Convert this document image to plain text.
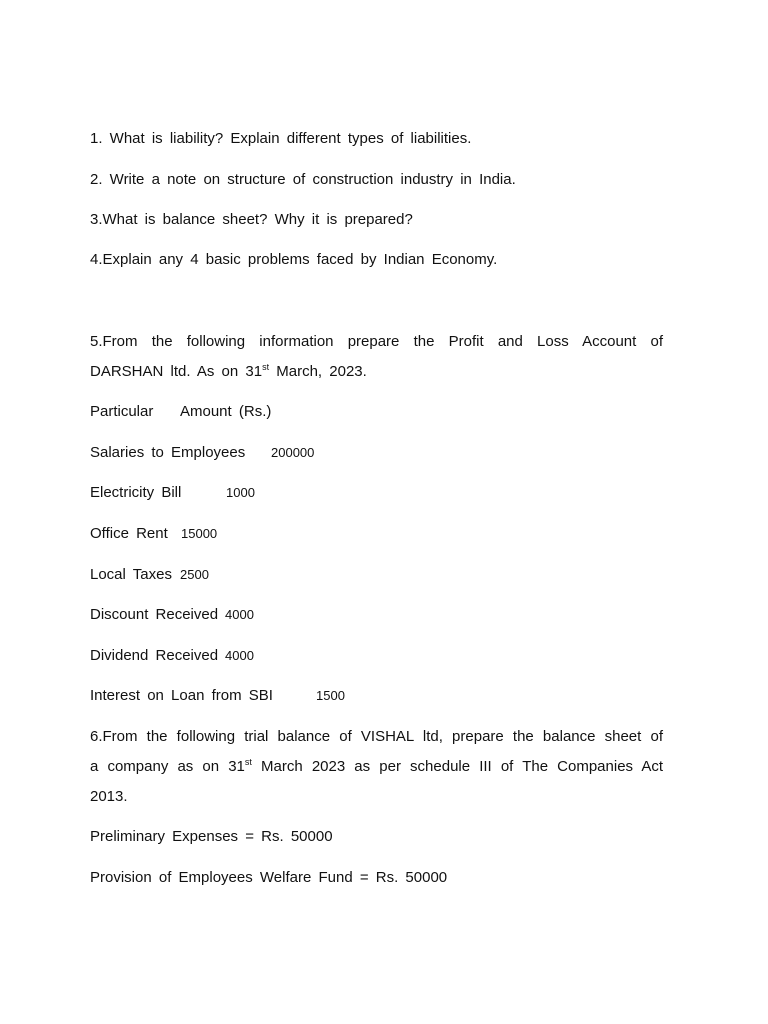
1. What is liability? Explain different types of liabilities.
2. Write a note on structure of construction industry in India.
3.What is balance sheet? Why it is prepared?
4.Explain any 4 basic problems faced by Indian Economy.
5.From the following information prepare the Profit and Loss Account of
DARSHAN ltd. As on 31st March, 2023.
Particular Amount (Rs.)
Salaries to Employees 200000
Electricity Bill	1000
Office Rent 15000
Local Taxes 2500
Discount Received 4000
Dividend Received 4000
Interest on Loan from SBI	1500
6.From the following trial balance of VISHAL ltd, prepare the balance sheet of
a company as on 31st March 2023 as per schedule III of The Companies Act
2013.
Preliminary Expenses = Rs. 50000
Provision of Employees Welfare Fund = Rs. 50000
